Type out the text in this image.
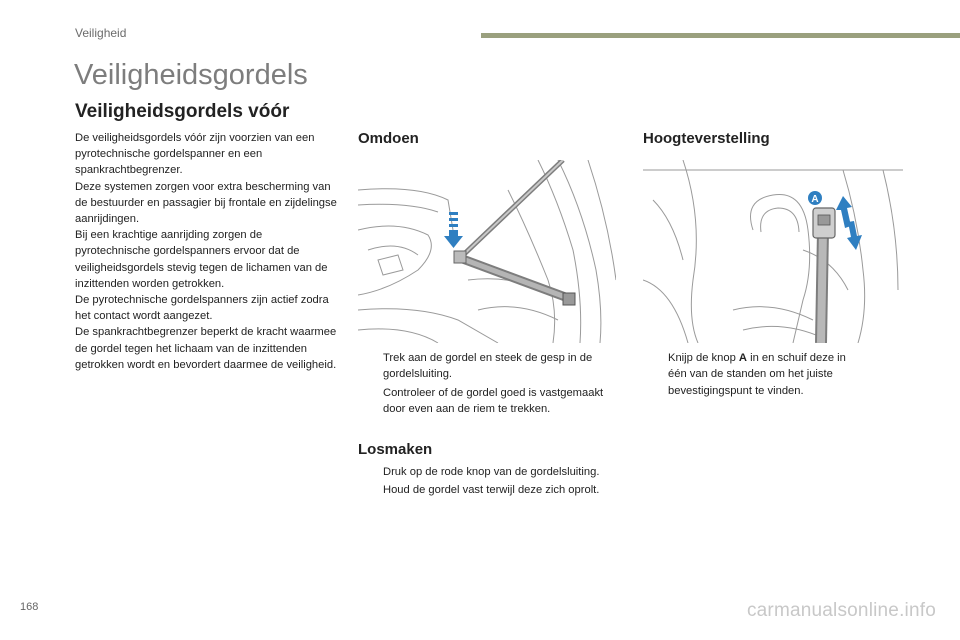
Veiligheid
Veiligheidsgordels
Veiligheidsgordels vóór

De veiligheidsgordels vóór zijn voorzien van een pyrotechnische gordelspanner en een spankrachtbegrenzer.

Deze systemen zorgen voor extra bescherming van de bestuurder en passagier bij frontale en zijdelingse aanrijdingen.

Bij een krachtige aanrijding zorgen de pyrotechnische gordelspanners ervoor dat de veiligheidsgordels stevig tegen de lichamen van de inzittenden worden getrokken.

De pyrotechnische gordelspanners zijn actief zodra het contact wordt aangezet.

De spankrachtbegrenzer beperkt de kracht waarmee de gordel tegen het lichaam van de inzittenden getrokken wordt en bevordert daarmee de veiligheid.

Omdoen
Trek aan de gordel en steek de gesp in de gordelsluiting.
Controleer of de gordel goed is vastgemaakt door even aan de riem te trekken.
Losmaken
Druk op de rode knop van de gordelsluiting.
Houd de gordel vast terwijl deze zich oprolt.
Hoogteverstelling
A
Knijp de knop A in en schuif deze in één van de standen om het juiste bevestigingspunt te vinden.
168	carmanualsonline.info
